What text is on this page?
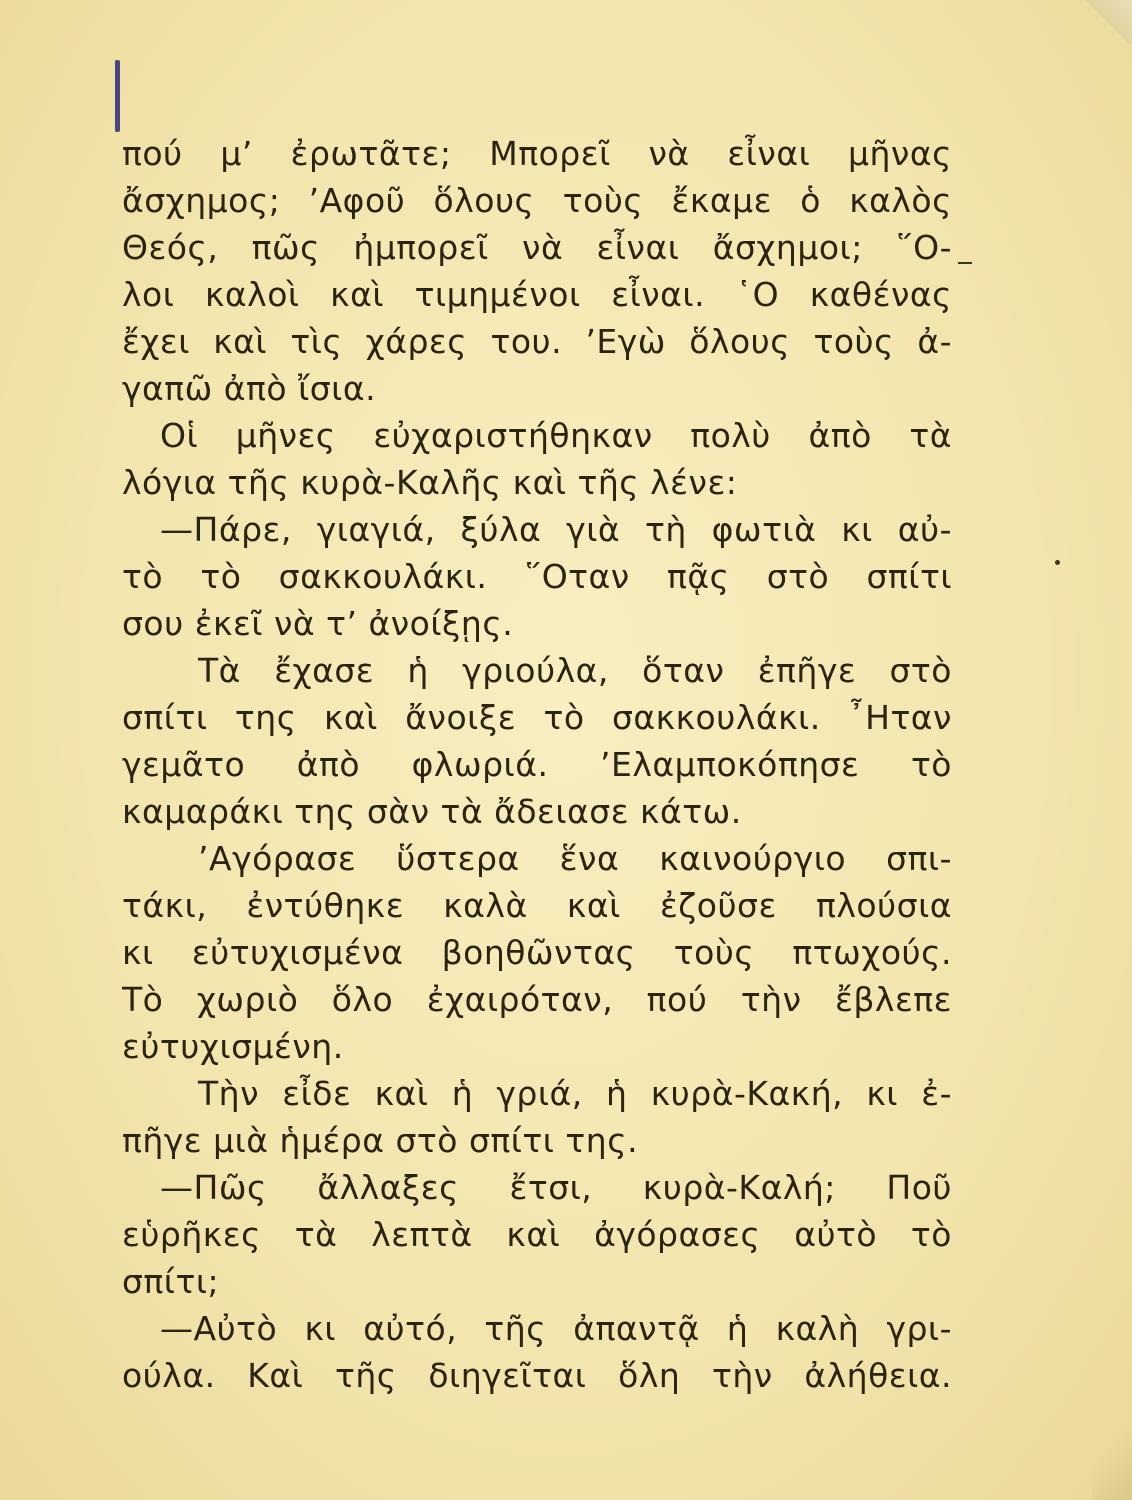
πού μ’ ἐρωτᾶτε; Μπορεῖ νὰ εἶναι μῆνας
ἄσχημος; ’Αφοῦ ὅλους τοὺς ἔκαμε ὁ καλὸς
Θεός, πῶς ἠμπορεῖ νὰ εἶναι ἄσχημοι; ῞Ο-
λοι καλοὶ καὶ τιμημένοι εἶναι. ῾Ο καθένας
ἔχει καὶ τὶς χάρες του. ’Εγὼ ὅλους τοὺς ἀ-
γαπῶ ἀπὸ ἴσια.
Οἱ μῆνες εὐχαριστήθηκαν πολὺ ἀπὸ τὰ
λόγια τῆς κυρὰ-Καλῆς καὶ τῆς λένε:
—Πάρε, γιαγιά, ξύλα γιὰ τὴ φωτιὰ κι αὐ-
τὸ τὸ σακκουλάκι. ῞Οταν πᾷς στὸ σπίτι
σου ἐκεῖ νὰ τ’ ἀνοίξῃς.
Τὰ ἔχασε ἡ γριούλα, ὅταν ἐπῆγε στὸ
σπίτι της καὶ ἄνοιξε τὸ σακκουλάκι. ῏Ηταν
γεμᾶτο ἀπὸ φλωριά. ’Ελαμποκόπησε τὸ
καμαράκι της σὰν τὰ ἄδειασε κάτω.
’Αγόρασε ὕστερα ἕνα καινούργιο σπι-
τάκι, ἐντύθηκε καλὰ καὶ ἐζοῦσε πλούσια
κι εὐτυχισμένα βοηθῶντας τοὺς πτωχούς.
Τὸ χωριὸ ὅλο ἐχαιρόταν, πού τὴν ἔβλεπε
εὐτυχισμένη.
Τὴν εἶδε καὶ ἡ γριά, ἡ κυρὰ-Κακή, κι ἐ-
πῆγε μιὰ ἡμέρα στὸ σπίτι της.
—Πῶς ἄλλαξες ἔτσι, κυρὰ-Καλή; Ποῦ
εὑρῆκες τὰ λεπτὰ καὶ ἀγόρασες αὐτὸ τὸ
σπίτι;
—Αὐτὸ κι αὐτό, τῆς ἀπαντᾷ ἡ καλὴ γρι-
ούλα. Καὶ τῆς διηγεῖται ὅλη τὴν ἀλήθεια.
